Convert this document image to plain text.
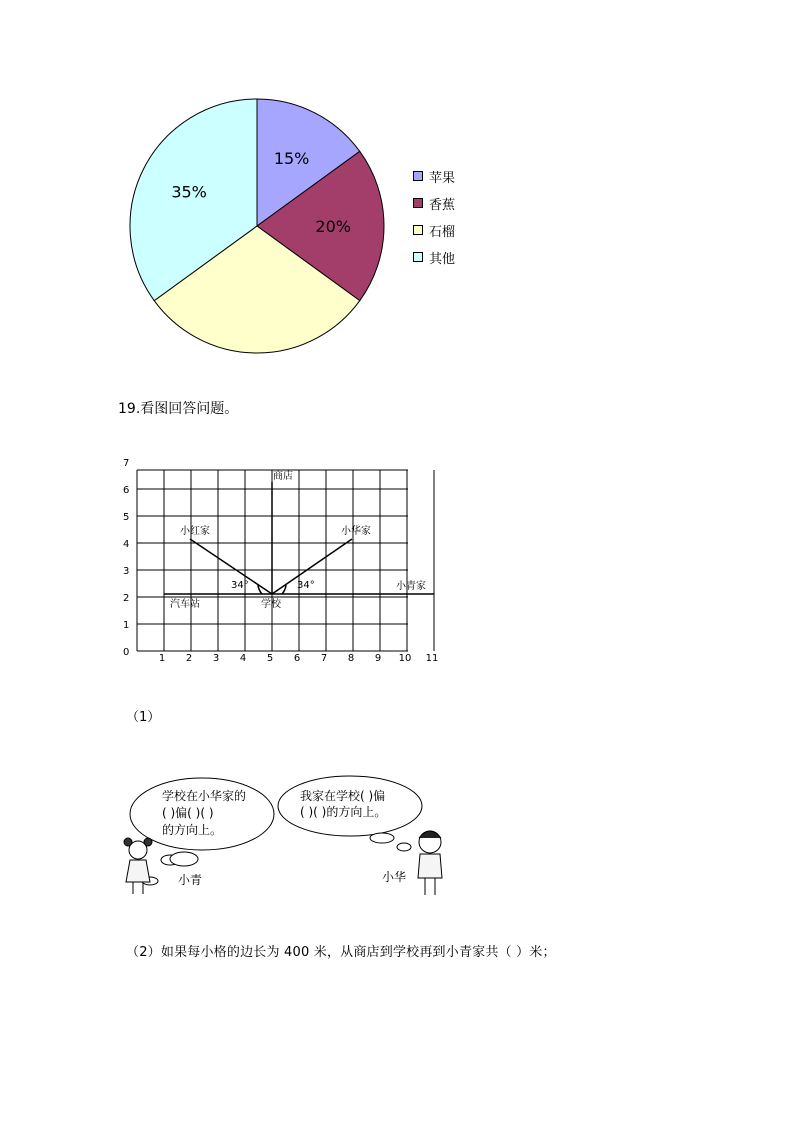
15%
20%
35%
苹果
香蕉
石榴
其他
19.看图回答问题。
1 2 3 4 5 6 7 8 9 10 11
0
1
2
3
4
5
6
7
商店
小红家	小华家
小青家
汽车站	学校
34°	34°
（1）
学校在小华家的
( )偏( )( )
的方向上。
小青
我家在学校( )偏
( )( )的方向上。
小华
（2）如果每小格的边长为 400 米，从商店到学校再到小青家共（ ）米；
